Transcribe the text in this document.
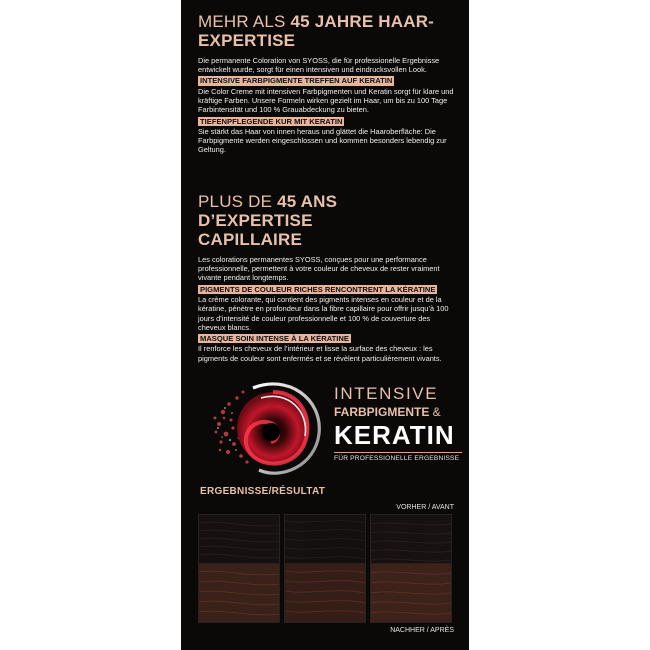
MEHR ALS 45 JAHRE HAAR-
EXPERTISE

Die permanente Coloration von SYOSS, die für professionelle Ergebnisse entwickelt wurde, sorgt für einen intensiven und eindrucksvollen Look.

INTENSIVE FARBPIGMENTE TREFFEN AUF KERATIN

Die Color Creme mit intensiven Farbpigmenten und Keratin sorgt für klare und kräftige Farben. Unsere Formeln wirken gezielt im Haar, um bis zu 100 Tage Farbintensität und 100 % Grauabdeckung zu bieten.

TIEFENPFLEGENDE KUR MIT KERATIN

Sie stärkt das Haar von innen heraus und glättet die Haaroberfläche: Die Farbpigmente werden eingeschlossen und kommen besonders lebendig zur Geltung.

PLUS DE 45 ANS D’EXPERTISE
CAPILLAIRE

Les colorations permanentes SYOSS, conçues pour une performance professionnelle, permettent à votre couleur de cheveux de rester vraiment vivante pendant longtemps.

PIGMENTS DE COULEUR RICHES RENCONTRENT LA KÉRATINE

La crème colorante, qui contient des pigments intenses en couleur et de la kératine, pénètre en profondeur dans la fibre capillaire pour offrir jusqu’à 100 jours d’intensité de couleur professionnelle et 100 % de couverture des cheveux blancs.

MASQUE SOIN INTENSE À LA KÉRATINE

Il renforce les cheveux de l’intérieur et lisse la surface des cheveux : les pigments de couleur sont enfermés et se révèlent particulièrement vivants.

INTENSIVE
FARBPIGMENTE &
KERATIN
FÜR PROFESSIONELLE ERGEBNISSE
ERGEBNISSE/RÉSULTAT
VORHER / AVANT
NACHHER / APRÈS
